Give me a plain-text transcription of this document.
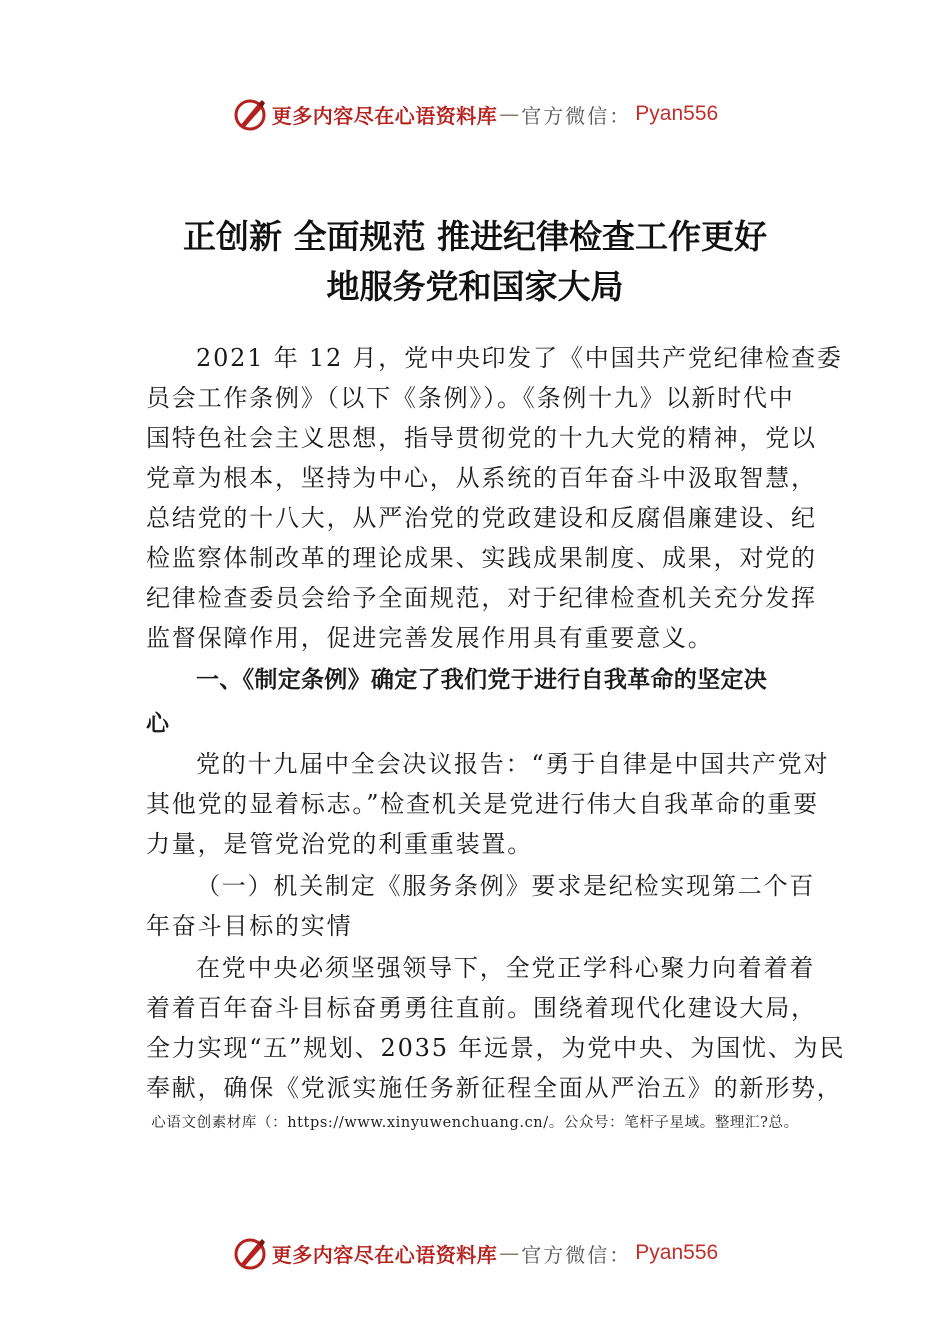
更多内容尽在心语资料库 — 官方微信： Pyan556
正创新 全面规范 推进纪律检查工作更好
地服务党和国家大局
2021 年 12 月，党中央印发了《中国共产党纪律检查委
员会工作条例》（以下《条例》）。《条例十九》以新时代中
国特色社会主义思想，指导贯彻党的十九大党的精神，党以
党章为根本，坚持为中心，从系统的百年奋斗中汲取智慧，
总结党的十八大，从严治党的党政建设和反腐倡廉建设、纪
检监察体制改革的理论成果、实践成果制度、成果，对党的
纪律检查委员会给予全面规范，对于纪律检查机关充分发挥
监督保障作用，促进完善发展作用具有重要意义。
一、《制定条例》确定了我们党于进行自我革命的坚定决
心
党的十九届中全会决议报告：“勇于自律是中国共产党对
其他党的显着标志。”检查机关是党进行伟大自我革命的重要
力量，是管党治党的利重重装置。
（一）机关制定《服务条例》要求是纪检实现第二个百
年奋斗目标的实情
在党中央必须坚强领导下，全党正学科心聚力向着着着
着着百年奋斗目标奋勇勇往直前。围绕着现代化建设大局，
全力实现“五”规划、2035 年远景，为党中央、为国忧、为民
奉献，确保《党派实施任务新征程全面从严治五》的新形势，
心语文创素材库（：https://www.xinyuwenchuang.cn/。公众号：笔杆子星域。整理汇?总。
更多内容尽在心语资料库 — 官方微信： Pyan556
